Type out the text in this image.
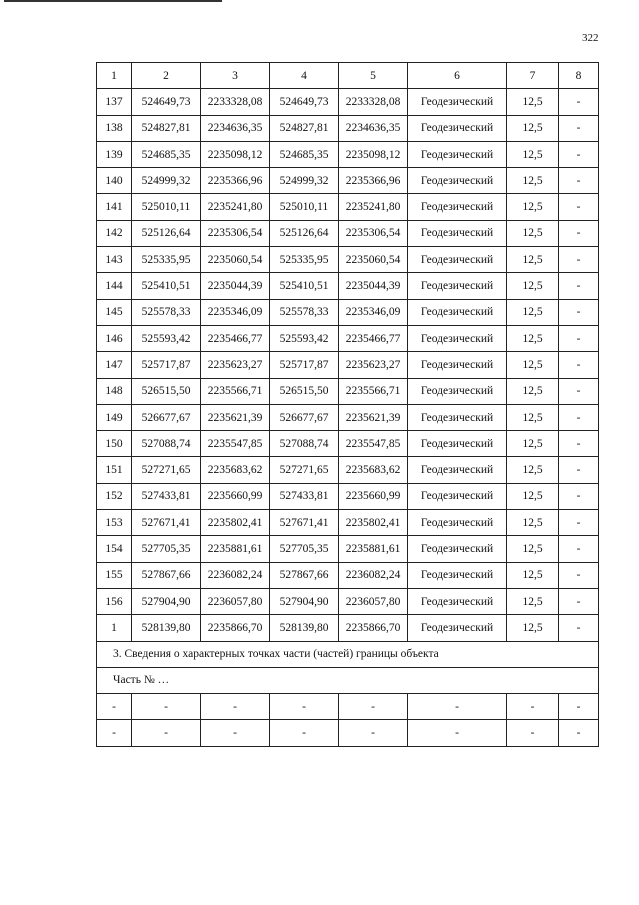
322
1	2	3	4	5	6	7	8
137	524649,73	2233328,08	524649,73	2233328,08	Геодезический	12,5	-
138	524827,81	2234636,35	524827,81	2234636,35	Геодезический	12,5	-
139	524685,35	2235098,12	524685,35	2235098,12	Геодезический	12,5	-
140	524999,32	2235366,96	524999,32	2235366,96	Геодезический	12,5	-
141	525010,11	2235241,80	525010,11	2235241,80	Геодезический	12,5	-
142	525126,64	2235306,54	525126,64	2235306,54	Геодезический	12,5	-
143	525335,95	2235060,54	525335,95	2235060,54	Геодезический	12,5	-
144	525410,51	2235044,39	525410,51	2235044,39	Геодезический	12,5	-
145	525578,33	2235346,09	525578,33	2235346,09	Геодезический	12,5	-
146	525593,42	2235466,77	525593,42	2235466,77	Геодезический	12,5	-
147	525717,87	2235623,27	525717,87	2235623,27	Геодезический	12,5	-
148	526515,50	2235566,71	526515,50	2235566,71	Геодезический	12,5	-
149	526677,67	2235621,39	526677,67	2235621,39	Геодезический	12,5	-
150	527088,74	2235547,85	527088,74	2235547,85	Геодезический	12,5	-
151	527271,65	2235683,62	527271,65	2235683,62	Геодезический	12,5	-
152	527433,81	2235660,99	527433,81	2235660,99	Геодезический	12,5	-
153	527671,41	2235802,41	527671,41	2235802,41	Геодезический	12,5	-
154	527705,35	2235881,61	527705,35	2235881,61	Геодезический	12,5	-
155	527867,66	2236082,24	527867,66	2236082,24	Геодезический	12,5	-
156	527904,90	2236057,80	527904,90	2236057,80	Геодезический	12,5	-
1	528139,80	2235866,70	528139,80	2235866,70	Геодезический	12,5	-
3. Сведения о характерных точках части (частей) границы объекта							
Часть № …							
-	-	-	-	-	-	-	-
-	-	-	-	-	-	-	-
